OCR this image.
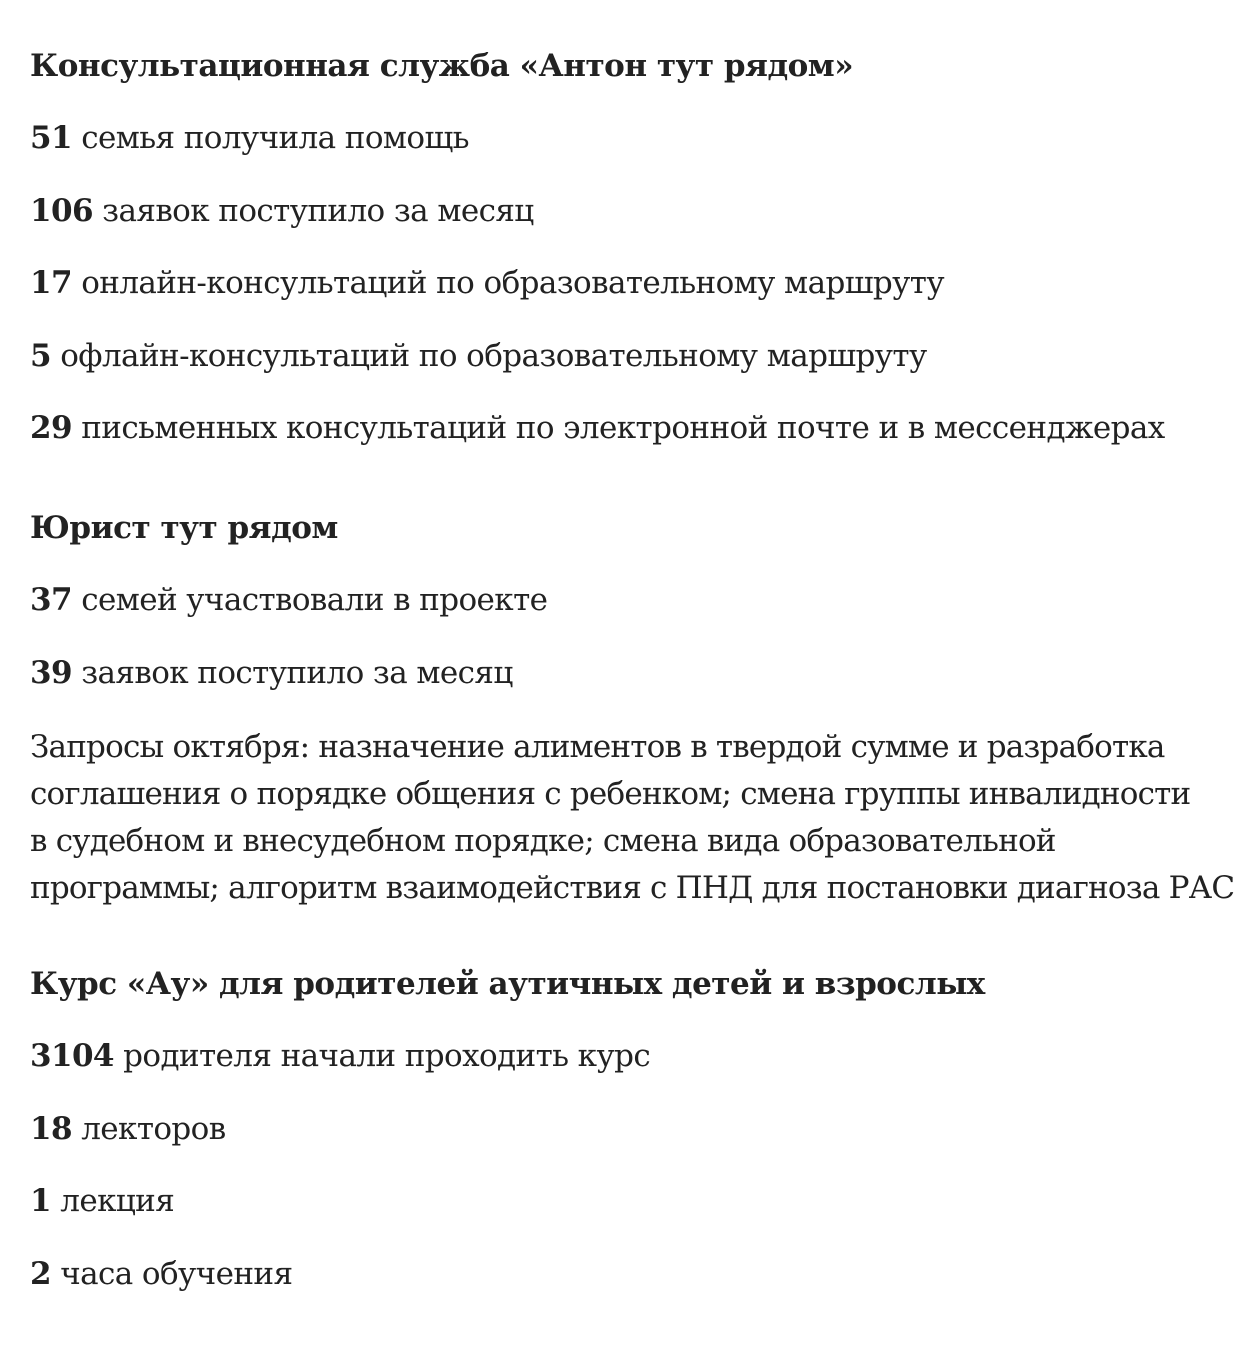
Консультационная служба «Антон тут рядом»
51 семья получила помощь
106 заявок поступило за месяц
17 онлайн-консультаций по образовательному маршруту
5 офлайн-консультаций по образовательному маршруту
29 письменных консультаций по электронной почте и в мессенджерах
Юрист тут рядом
37 семей участвовали в проекте
39 заявок поступило за месяц
Запросы октября: назначение алиментов в твердой сумме и разработка
соглашения о порядке общения с ребенком; смена группы инвалидности
в судебном и внесудебном порядке; смена вида образовательной
программы; алгоритм взаимодействия с ПНД для постановки диагноза РАС
Курс «Ау» для родителей аутичных детей и взрослых
3104 родителя начали проходить курс
18 лекторов
1 лекция
2 часа обучения
